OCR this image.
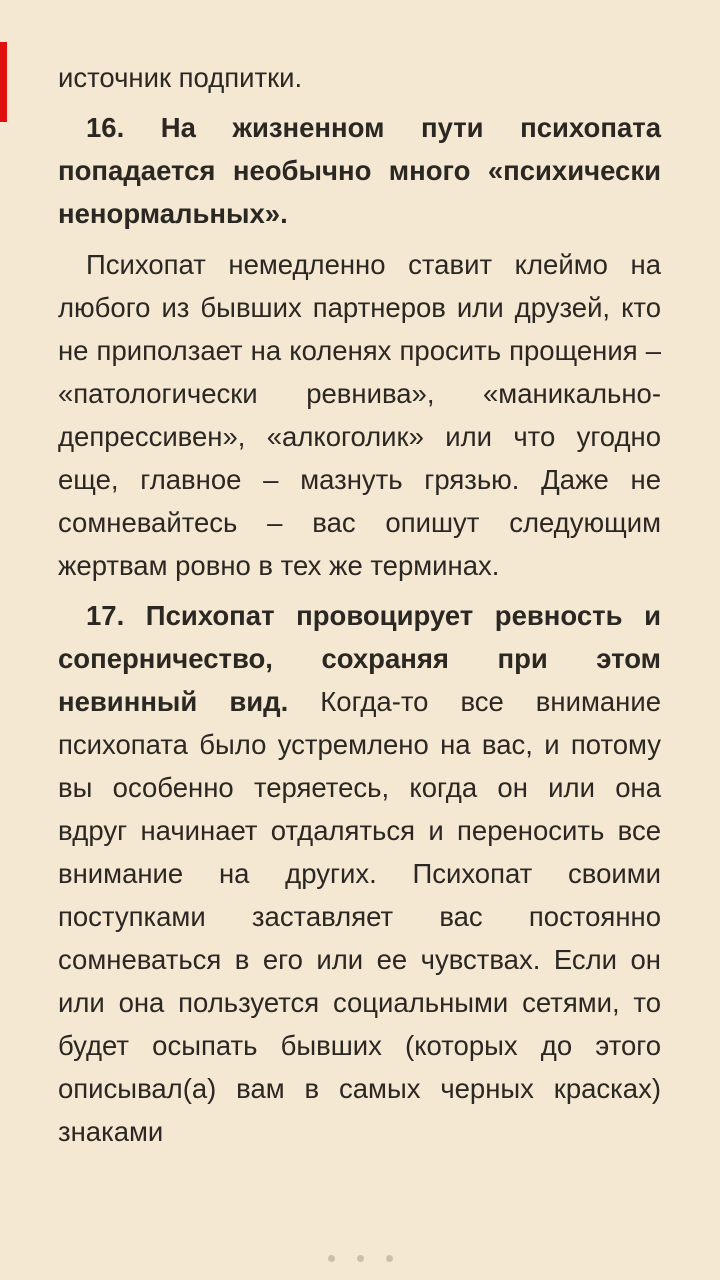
источник подпитки.

16. На жизненном пути психопата попадается необычно много «психически ненормальных».

Психопат немедленно ставит клеймо на любого из бывших партнеров или друзей, кто не приползает на коленях просить прощения – «патологически ревнива», «маникально-депрессивен», «алкоголик» или что угодно еще, главное – мазнуть грязью. Даже не сомневайтесь – вас опишут следующим жертвам ровно в тех же терминах.

17. Психопат провоцирует ревность и соперничество, сохраняя при этом невинный вид. Когда-то все внимание психопата было устремлено на вас, и потому вы особенно теряетесь, когда он или она вдруг начинает отдаляться и переносить все внимание на других. Психопат своими поступками заставляет вас постоянно сомневаться в его или ее чувствах. Если он или она пользуется социальными сетями, то будет осыпать бывших (которых до этого описывал(а) вам в самых черных красках) знаками
